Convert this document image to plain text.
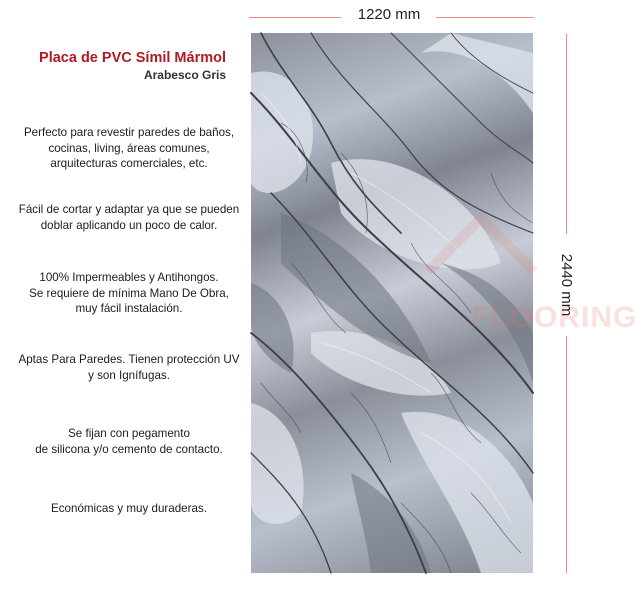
Placa de PVC Símil Mármol
Arabesco Gris
Perfecto para revestir paredes de baños,
cocinas, living, áreas comunes,
arquitecturas comerciales, etc.
Fácil de cortar y adaptar ya que se pueden
doblar aplicando un poco de calor.
100% Impermeables y Antihongos.
Se requiere de mínima Mano De Obra,
muy fácil instalación.
Aptas Para Paredes. Tienen protección UV
y son Ignífugas.
Se fijan con pegamento
de silicona y/o cemento de contacto.
Económicas y muy duraderas.
1220 mm
FLOORING
2440 mm
